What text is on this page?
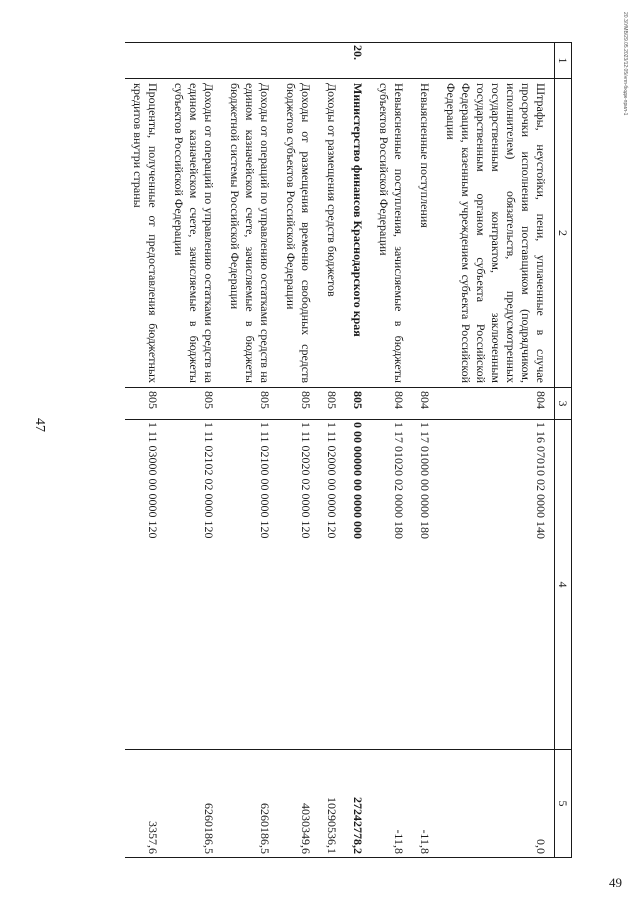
47
20.3/УМВ/29.05.2023/12:05/нпп-бюдж-прил-1
1	2	3	4	5
	Штрафы, неустойки, пени, уплаченные в случае просрочки исполнения поставщиком (подрядчиком, исполнителем) обязательств, предусмотренных государственным контрактом, заключенным государственным органом субъекта Российской Федерации, казенным учреждением субъекта Российской Федерации	804	1 16 07010 02 0000 140	0,0
	Невыясненные поступления	804	1 17 01000 00 0000 180	-11,8
	Невыясненные поступления, зачисляемые в бюджеты субъектов Российской Федерации	804	1 17 01020 02 0000 180	-11,8
20.	Министерство финансов Краснодарского края	805	0 00 00000 00 0000 000	27242778,2
	Доходы от размещения средств бюджетов	805	1 11 02000 00 0000 120	10290536,1
	Доходы от размещения временно свободных средств бюджетов субъектов Российской Федерации	805	1 11 02020 02 0000 120	4030349,6
	Доходы от операций по управлению остатками средств на едином казначейском счете, зачисляемые в бюджеты бюджетной системы Российской Федерации	805	1 11 02100 00 0000 120	6260186,5
	Доходы от операций по управлению остатками средств на едином казначейском счете, зачисляемые в бюджеты субъектов Российской Федерации	805	1 11 02102 02 0000 120	6260186,5
	Проценты, полученные от предоставления бюджетных кредитов внутри страны	805	1 11 03000 00 0000 120	3357,6
49
